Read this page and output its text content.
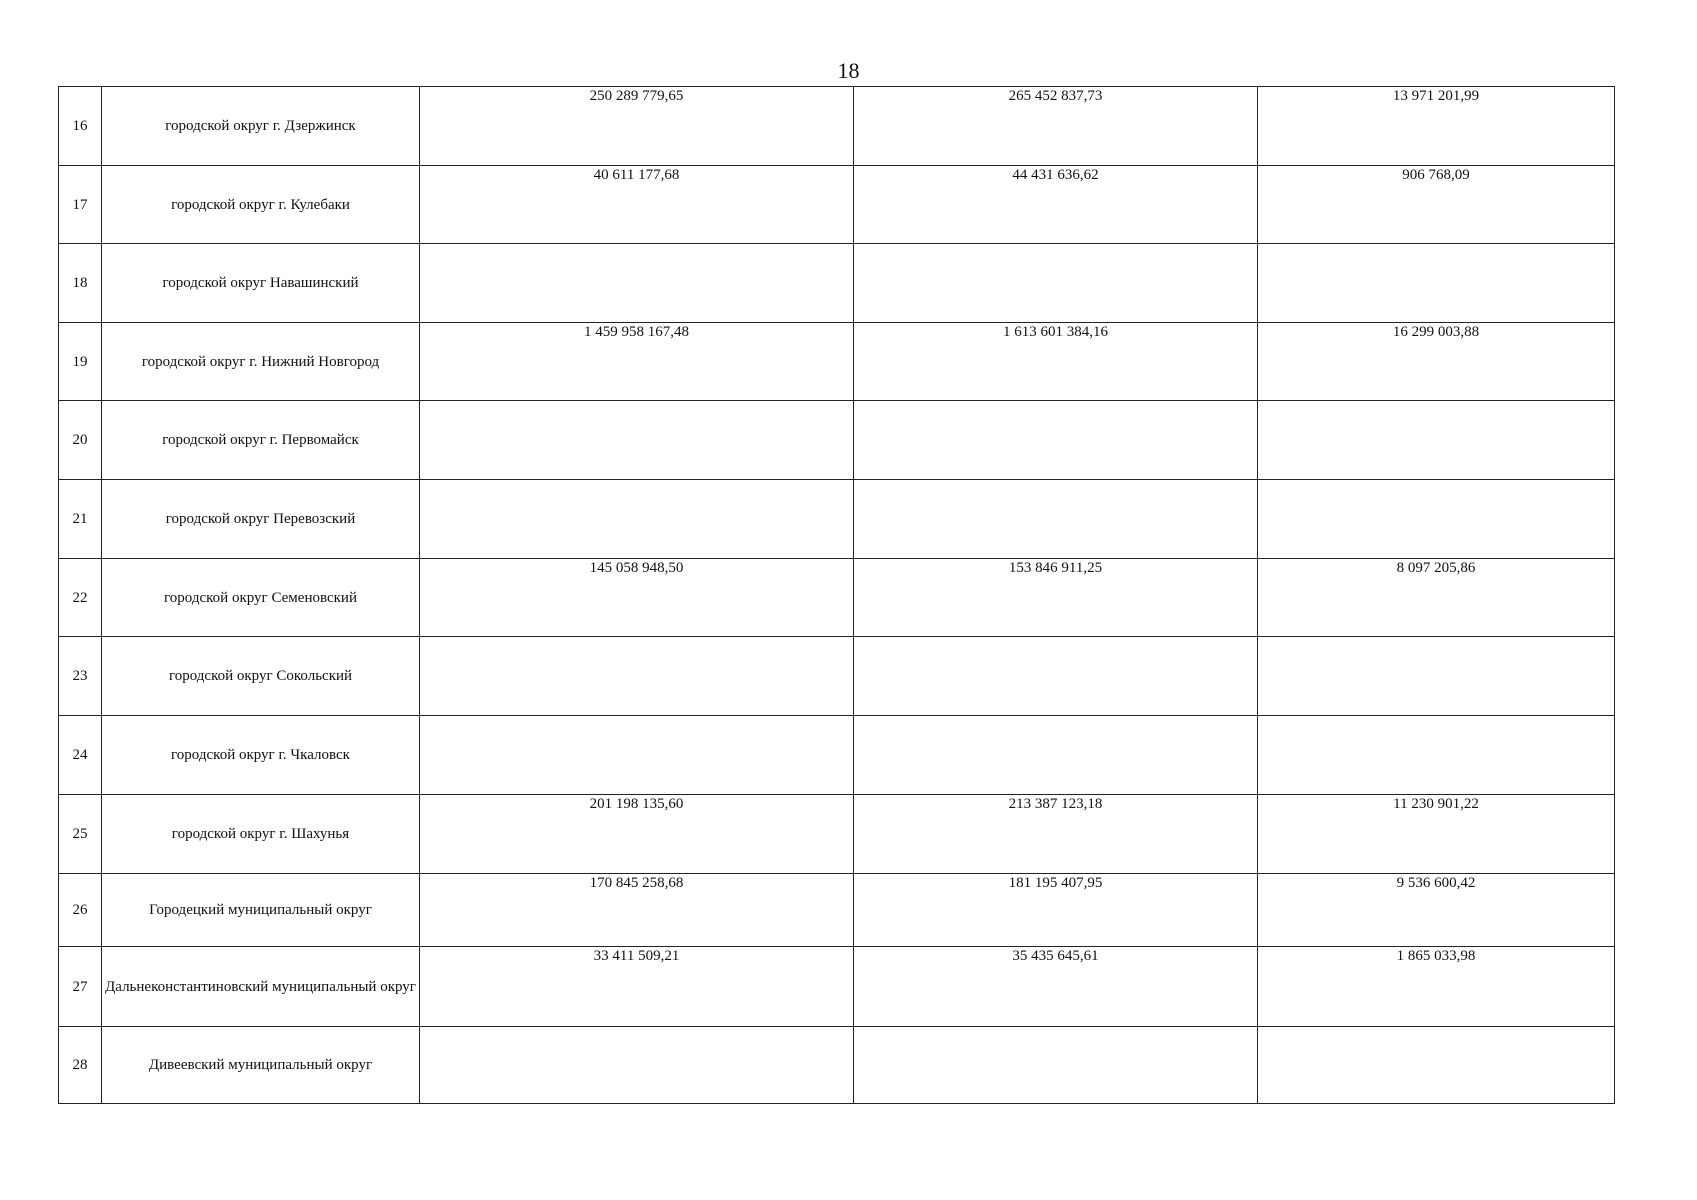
18
16	городской округ г. Дзержинск	250 289 779,65	265 452 837,73	13 971 201,99
17	городской округ г. Кулебаки	40 611 177,68	44 431 636,62	906 768,09
18	городской округ Навашинский			
19	городской округ г. Нижний Новгород	1 459 958 167,48	1 613 601 384,16	16 299 003,88
20	городской округ г. Первомайск			
21	городской округ Перевозский			
22	городской округ Семеновский	145 058 948,50	153 846 911,25	8 097 205,86
23	городской округ Сокольский			
24	городской округ г. Чкаловск			
25	городской округ г. Шахунья	201 198 135,60	213 387 123,18	11 230 901,22
26	Городецкий муниципальный округ	170 845 258,68	181 195 407,95	9 536 600,42
27	Дальнеконстантиновский муниципальный округ	33 411 509,21	35 435 645,61	1 865 033,98
28	Дивеевский муниципальный округ			
